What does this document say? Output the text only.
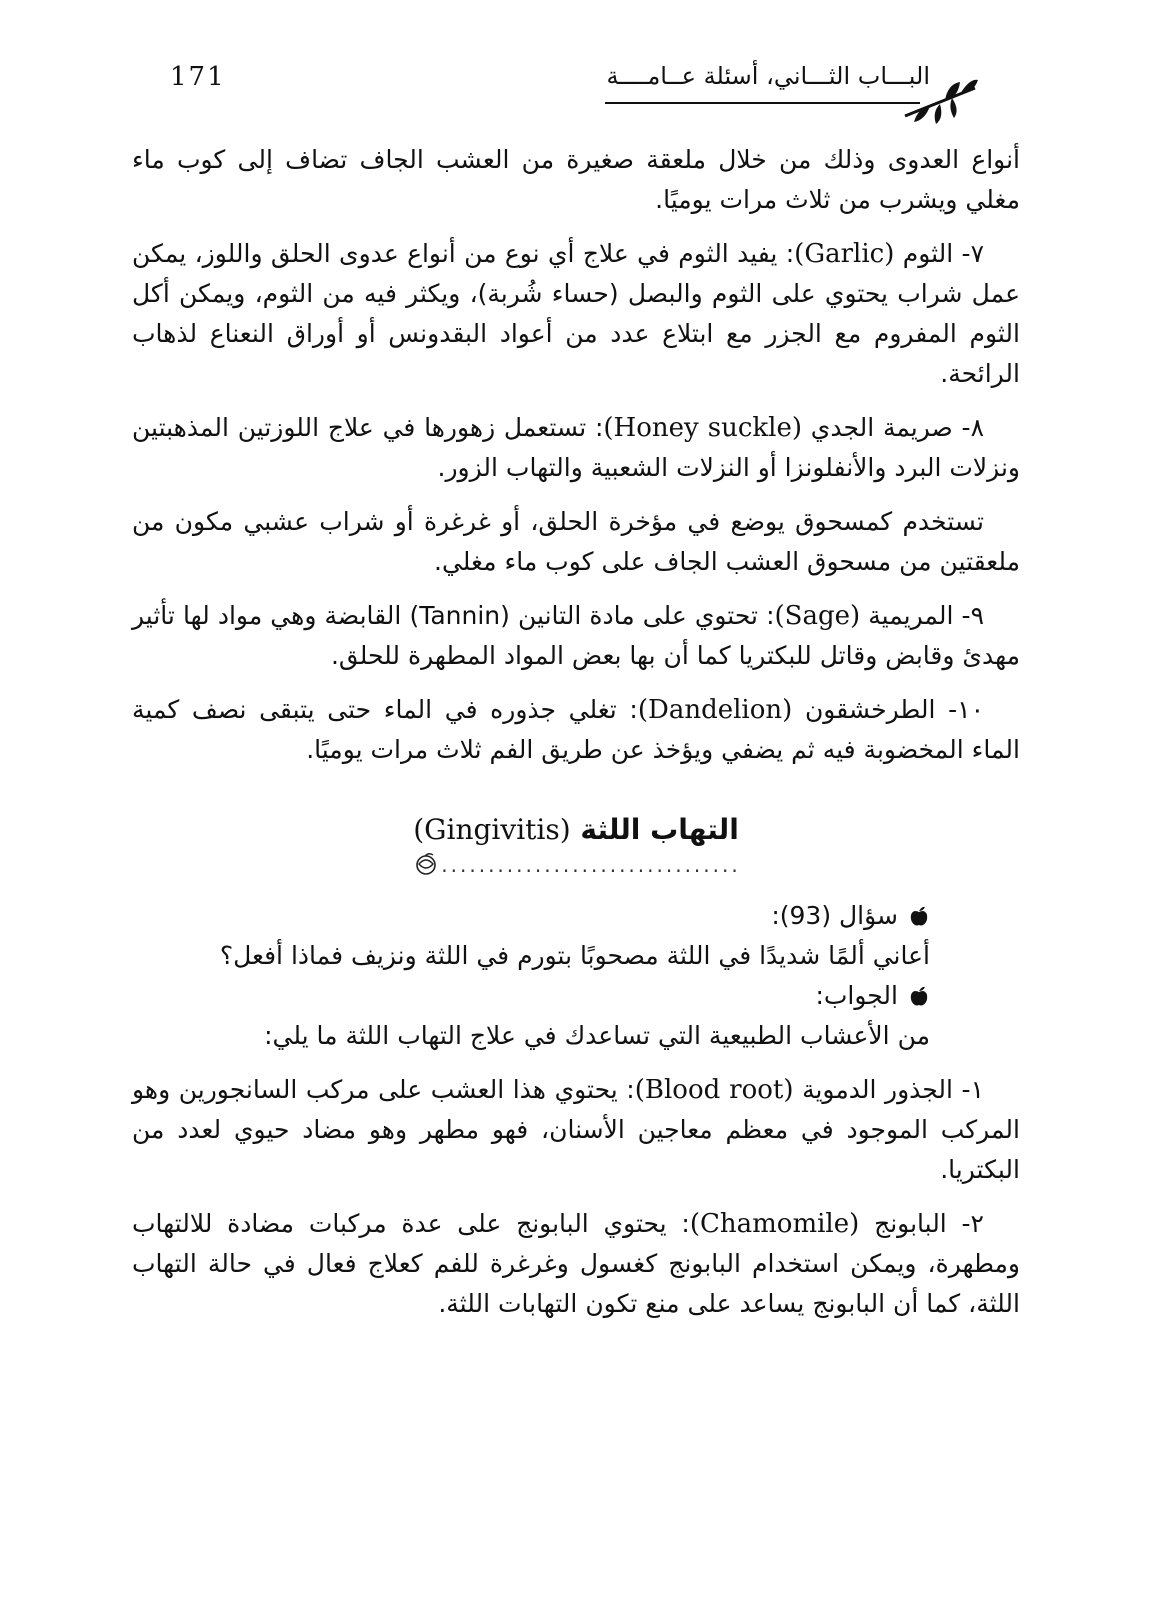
171	البـــاب الثـــاني، أسئلة عــامــــة

أنواع العدوى وذلك من خلال ملعقة صغيرة من العشب الجاف تضاف إلى كوب ماء مغلي ويشرب من ثلاث مرات يوميًا.

٧- الثوم (Garlic): يفيد الثوم في علاج أي نوع من أنواع عدوى الحلق واللوز، يمكن عمل شراب يحتوي على الثوم والبصل (حساء شُربة)، ويكثر فيه من الثوم، ويمكن أكل الثوم المفروم مع الجزر مع ابتلاع عدد من أعواد البقدونس أو أوراق النعناع لذهاب الرائحة.

٨- صريمة الجدي (Honey suckle): تستعمل زهورها في علاج اللوزتين المذهبتين ونزلات البرد والأنفلونزا أو النزلات الشعبية والتهاب الزور.

تستخدم كمسحوق يوضع في مؤخرة الحلق، أو غرغرة أو شراب عشبي مكون من ملعقتين من مسحوق العشب الجاف على كوب ماء مغلي.

٩- المريمية (Sage): تحتوي على مادة التانين (Tannin) القابضة وهي مواد لها تأثير مهدئ وقابض وقاتل للبكتريا كما أن بها بعض المواد المطهرة للحلق.

١٠- الطرخشقون (Dandelion): تغلي جذوره في الماء حتى يتبقى نصف كمية الماء المخضوبة فيه ثم يضفي ويؤخذ عن طريق الفم ثلاث مرات يوميًا.

التهاب اللثة (Gingivitis)
................................
سؤال (93):
أعاني ألمًا شديدًا في اللثة مصحوبًا بتورم في اللثة ونزيف فماذا أفعل؟
الجواب:
من الأعشاب الطبيعية التي تساعدك في علاج التهاب اللثة ما يلي:

١- الجذور الدموية (Blood root): يحتوي هذا العشب على مركب السانجورين وهو المركب الموجود في معظم معاجين الأسنان، فهو مطهر وهو مضاد حيوي لعدد من البكتريا.

٢- البابونج (Chamomile): يحتوي البابونج على عدة مركبات مضادة للالتهاب ومطهرة، ويمكن استخدام البابونج كغسول وغرغرة للفم كعلاج فعال في حالة التهاب اللثة، كما أن البابونج يساعد على منع تكون التهابات اللثة.
